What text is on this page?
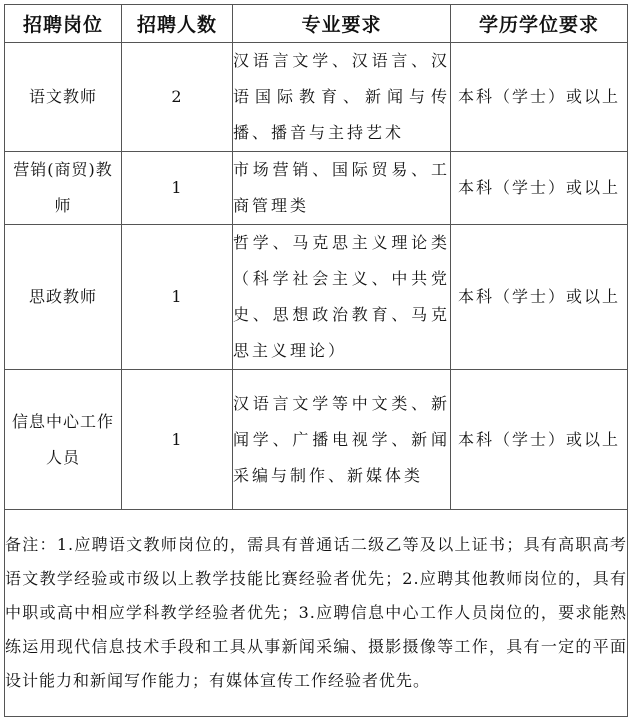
招聘岗位	招聘人数	专业要求	学历学位要求
语文教师	2	汉语言文学、汉语言、汉语国际教育、新闻与传播、播音与主持艺术	本科（学士）或以上
营销(商贸)教师	1	市场营销、国际贸易、工商管理类	本科（学士）或以上
思政教师	1	哲学、马克思主义理论类（科学社会主义、中共党史、思想政治教育、马克思主义理论）	本科（学士）或以上
信息中心工作人员	1	汉语言文学等中文类、新闻学、广播电视学、新闻采编与制作、新媒体类	本科（学士）或以上
备注：1.应聘语文教师岗位的，需具有普通话二级乙等及以上证书；具有高职高考语文教学经验或市级以上教学技能比赛经验者优先；2.应聘其他教师岗位的，具有中职或高中相应学科教学经验者优先；3.应聘信息中心工作人员岗位的，要求能熟练运用现代信息技术手段和工具从事新闻采编、摄影摄像等工作，具有一定的平面设计能力和新闻写作能力；有媒体宣传工作经验者优先。			
